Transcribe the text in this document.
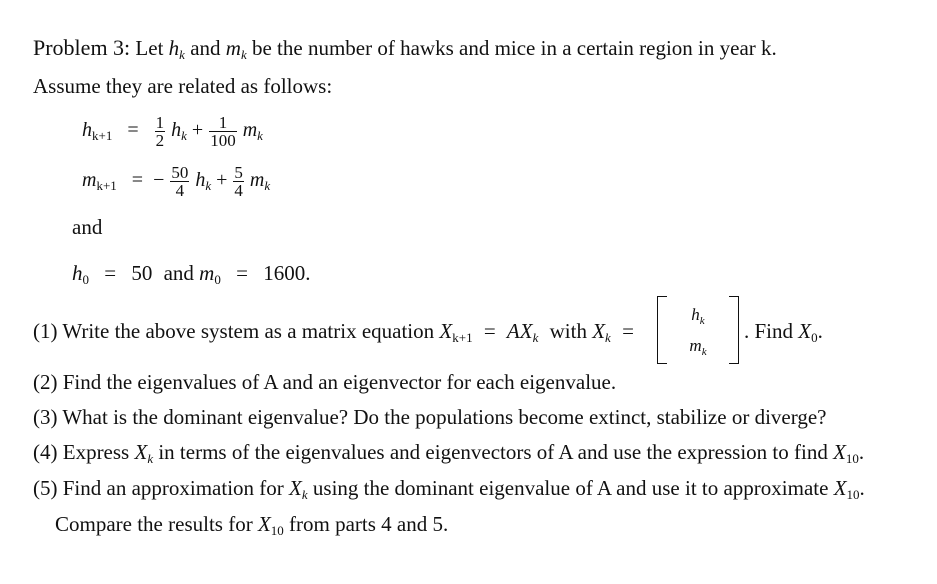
Problem 3: Let hk and mk be the number of hawks and mice in a certain region in year k.
Assume they are related as follows:
$h_{k+1} = \frac{1}{2} h_k + \frac{1}{100} m_k$
$m_{k+1}$ = − $\frac{50}{4} h_k + \frac{5}{4} m_k$
and
h0 = 50 and m0 = 1600.
(1) Write the above system as a matrix equation Xk+1 = AXk with Xk =
$h_k$
$m_k$
. Find X0.
(2) Find the eigenvalues of A and an eigenvector for each eigenvalue.
(3) What is the dominant eigenvalue? Do the populations become extinct, stabilize or diverge?
(4) Express Xk in terms of the eigenvalues and eigenvectors of A and use the expression to find X10.
(5) Find an approximation for Xk using the dominant eigenvalue of A and use it to approximate X10.
Compare the results for X10 from parts 4 and 5.
